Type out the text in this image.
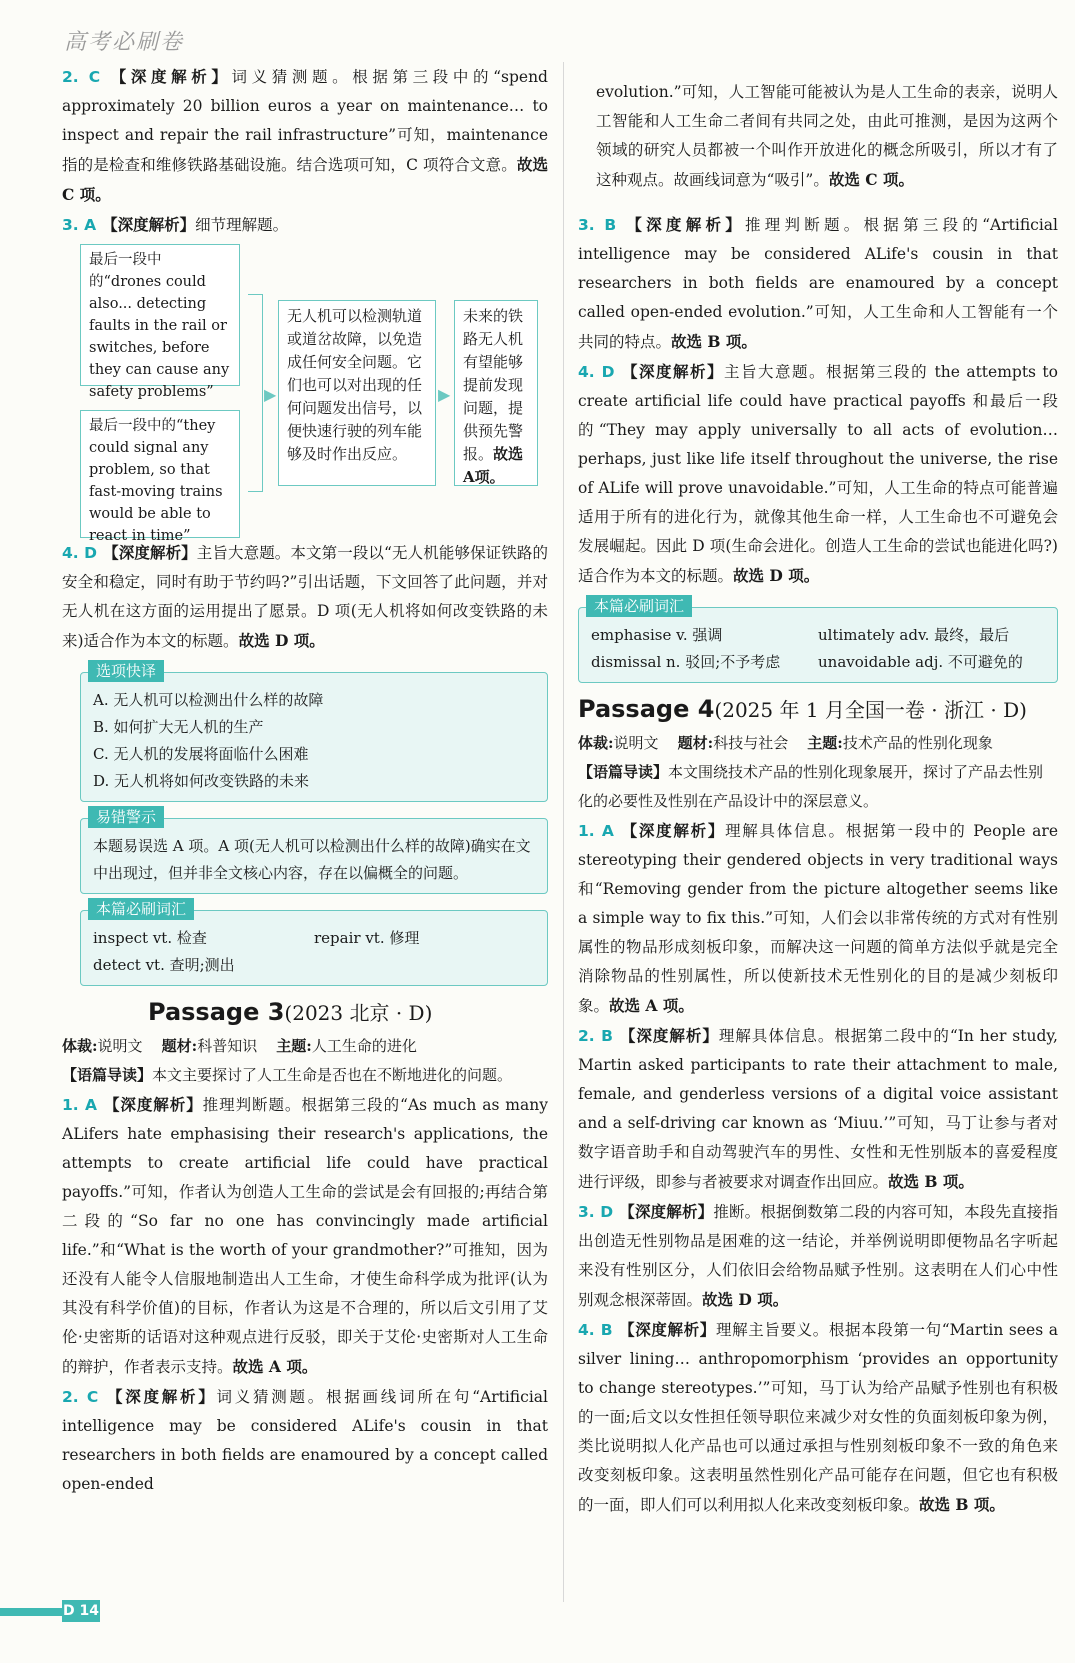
高考必刷卷

2. C 【深度解析】词义猜测题。根据第三段中的“spend approximately 20 billion euros a year on maintenance… to inspect and repair the rail infrastructure”可知，maintenance 指的是检查和维修铁路基础设施。结合选项可知，C 项符合文意。故选 C 项。

3. A 【深度解析】细节理解题。

最后一段中的“drones could also... detecting faults in the rail or switches, before they can cause any safety problems”
最后一段中的“they could signal any problem, so that fast-moving trains would be able to react in time”
▶
无人机可以检测轨道或道岔故障，以免造成任何安全问题。它们也可以对出现的任何问题发出信号，以便快速行驶的列车能够及时作出反应。
▶
未来的铁路无人机有望能够提前发现问题，提供预先警报。故选 A项。

4. D 【深度解析】主旨大意题。本文第一段以“无人机能够保证铁路的安全和稳定，同时有助于节约吗?”引出话题，下文回答了此问题，并对无人机在这方面的运用提出了愿景。D 项(无人机将如何改变铁路的未来)适合作为本文的标题。故选 D 项。

选项快译
A. 无人机可以检测出什么样的故障
B. 如何扩大无人机的生产
C. 无人机的发展将面临什么困难
D. 无人机将如何改变铁路的未来
易错警示
本题易误选 A 项。A 项(无人机可以检测出什么样的故障)确实在文中出现过，但并非全文核心内容，存在以偏概全的问题。
本篇必刷词汇
inspect vt. 检查	repair vt. 修理
detect vt. 查明;测出
Passage 3(2023 北京 · D)
体裁:说明文 题材:科普知识 主题:人工生命的进化
【语篇导读】本文主要探讨了人工生命是否也在不断地进化的问题。

1. A 【深度解析】推理判断题。根据第三段的“As much as many ALifers hate emphasising their research's applications, the attempts to create artificial life could have practical payoffs.”可知，作者认为创造人工生命的尝试是会有回报的;再结合第二段的“So far no one has convincingly made artificial life.”和“What is the worth of your grandmother?”可推知，因为还没有人能令人信服地制造出人工生命，才使生命科学成为批评(认为其没有科学价值)的目标，作者认为这是不合理的，所以后文引用了艾伦·史密斯的话语对这种观点进行反驳，即关于艾伦·史密斯对人工生命的辩护，作者表示支持。故选 A 项。

2. C 【深度解析】词义猜测题。根据画线词所在句“Artificial intelligence may be considered ALife's cousin in that researchers in both fields are enamoured by a concept called open-ended

evolution.”可知，人工智能可能被认为是人工生命的表亲，说明人工智能和人工生命二者间有共同之处，由此可推测，是因为这两个领域的研究人员都被一个叫作开放进化的概念所吸引，所以才有了这种观点。故画线词意为“吸引”。故选 C 项。

3. B 【深度解析】推理判断题。根据第三段的“Artificial intelligence may be considered ALife's cousin in that researchers in both fields are enamoured by a concept called open-ended evolution.”可知，人工生命和人工智能有一个共同的特点。故选 B 项。

4. D 【深度解析】主旨大意题。根据第三段的 the attempts to create artificial life could have practical payoffs 和最后一段的“They may apply universally to all acts of evolution… perhaps, just like life itself throughout the universe, the rise of ALife will prove unavoidable.”可知，人工生命的特点可能普遍适用于所有的进化行为，就像其他生命一样，人工生命也不可避免会发展崛起。因此 D 项(生命会进化。创造人工生命的尝试也能进化吗?)适合作为本文的标题。故选 D 项。

本篇必刷词汇
emphasise v. 强调	ultimately adv. 最终，最后
dismissal n. 驳回;不予考虑	unavoidable adj. 不可避免的
Passage 4(2025 年 1 月全国一卷 · 浙江 · D)
体裁:说明文 题材:科技与社会 主题:技术产品的性别化现象
【语篇导读】本文围绕技术产品的性别化现象展开，探讨了产品去性别化的必要性及性别在产品设计中的深层意义。

1. A 【深度解析】理解具体信息。根据第一段中的 People are stereotyping their gendered objects in very traditional ways 和“Removing gender from the picture altogether seems like a simple way to fix this.”可知，人们会以非常传统的方式对有性别属性的物品形成刻板印象，而解决这一问题的简单方法似乎就是完全消除物品的性别属性，所以使新技术无性别化的目的是减少刻板印象。故选 A 项。

2. B 【深度解析】理解具体信息。根据第二段中的“In her study, Martin asked participants to rate their attachment to male, female, and genderless versions of a digital voice assistant and a self-driving car known as ‘Miuu.’”可知，马丁让参与者对数字语音助手和自动驾驶汽车的男性、女性和无性别版本的喜爱程度进行评级，即参与者被要求对调查作出回应。故选 B 项。

3. D 【深度解析】推断。根据倒数第二段的内容可知，本段先直接指出创造无性别物品是困难的这一结论，并举例说明即便物品名字听起来没有性别区分，人们依旧会给物品赋予性别。这表明在人们心中性别观念根深蒂固。故选 D 项。

4. B 【深度解析】理解主旨要义。根据本段第一句“Martin sees a silver lining… anthropomorphism ‘provides an opportunity to change stereotypes.’”可知，马丁认为给产品赋予性别也有积极的一面;后文以女性担任领导职位来减少对女性的负面刻板印象为例，类比说明拟人化产品也可以通过承担与性别刻板印象不一致的角色来改变刻板印象。这表明虽然性别化产品可能存在问题，但它也有积极的一面，即人们可以利用拟人化来改变刻板印象。故选 B 项。

D 14
